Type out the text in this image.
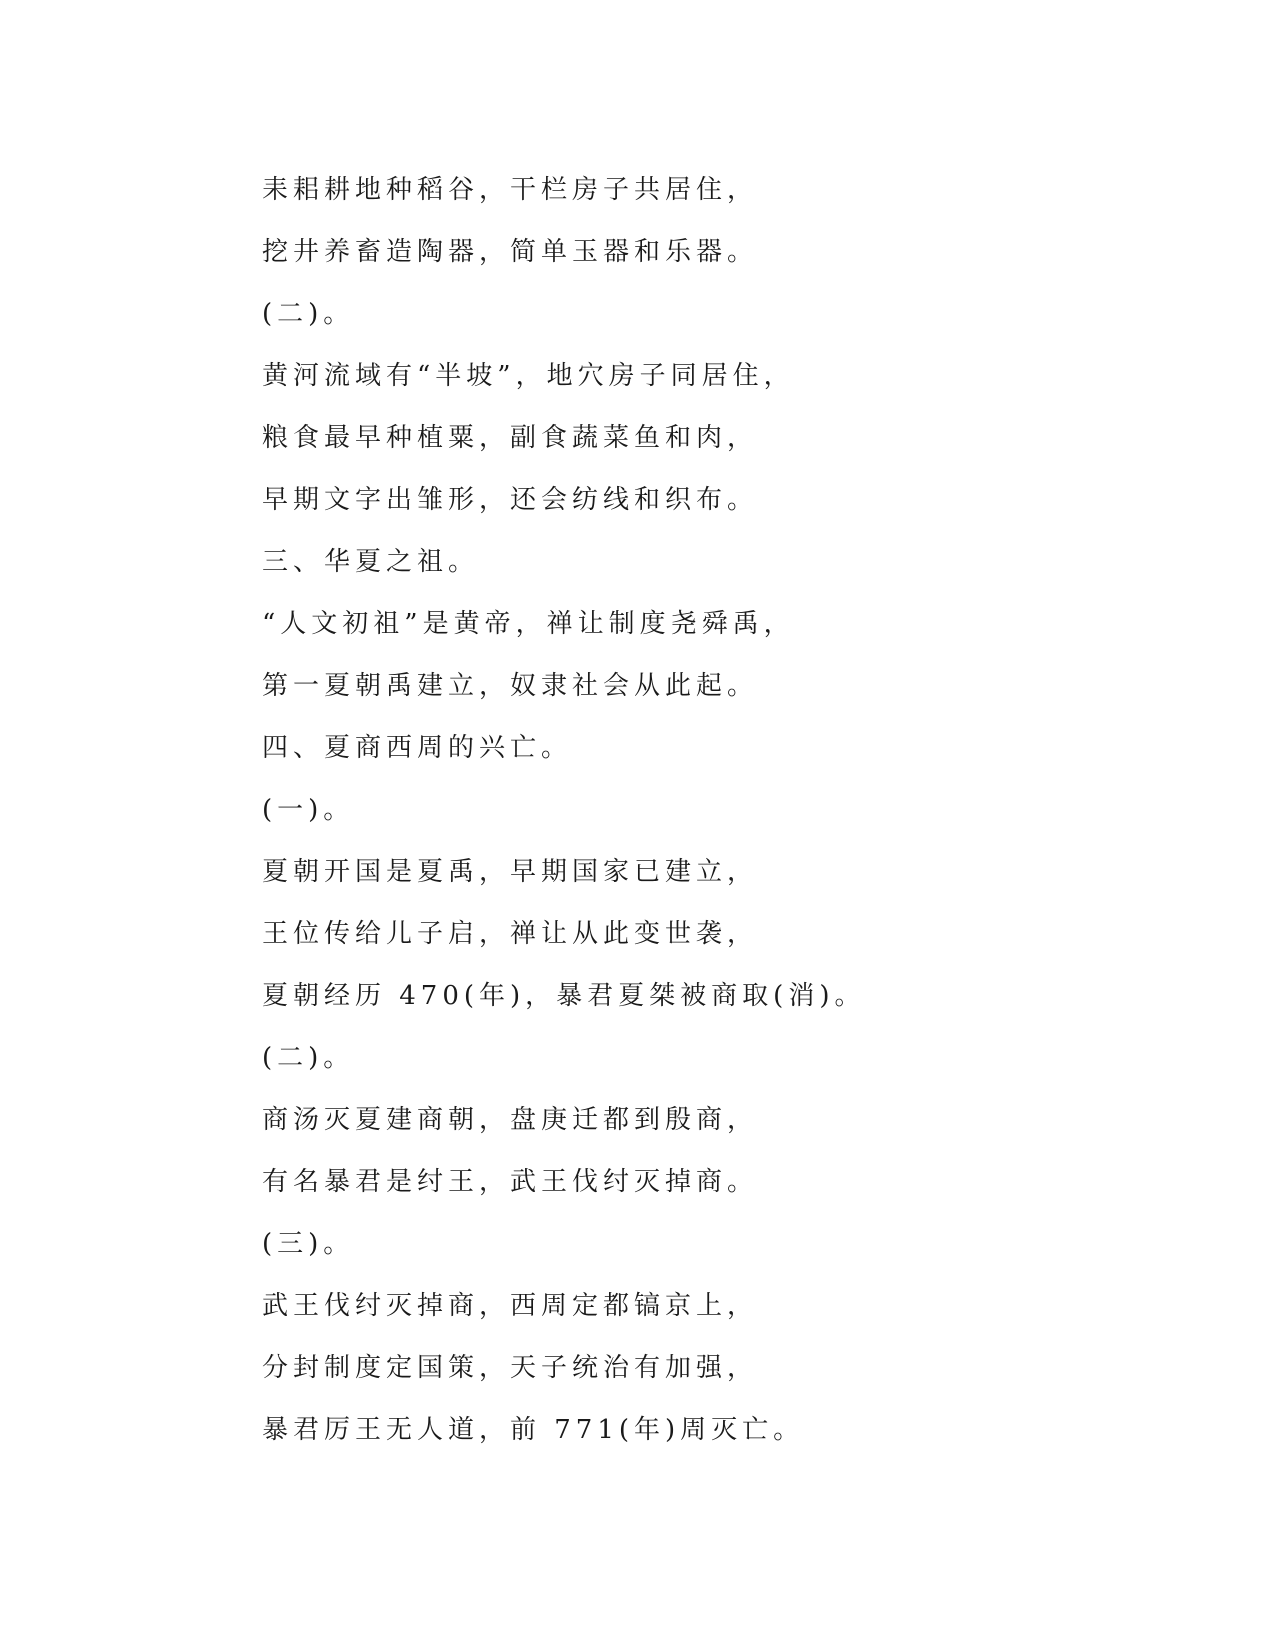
耒耜耕地种稻谷，干栏房子共居住，
挖井养畜造陶器，简单玉器和乐器。
(二)。
黄河流域有“半坡”，地穴房子同居住，
粮食最早种植粟，副食蔬菜鱼和肉，
早期文字出雏形，还会纺线和织布。
三、华夏之祖。
“人文初祖”是黄帝，禅让制度尧舜禹，
第一夏朝禹建立，奴隶社会从此起。
四、夏商西周的兴亡。
(一)。
夏朝开国是夏禹，早期国家已建立，
王位传给儿子启，禅让从此变世袭，
夏朝经历 470(年)，暴君夏桀被商取(消)。
(二)。
商汤灭夏建商朝，盘庚迁都到殷商，
有名暴君是纣王，武王伐纣灭掉商。
(三)。
武王伐纣灭掉商，西周定都镐京上，
分封制度定国策，天子统治有加强，
暴君厉王无人道，前 771(年)周灭亡。
